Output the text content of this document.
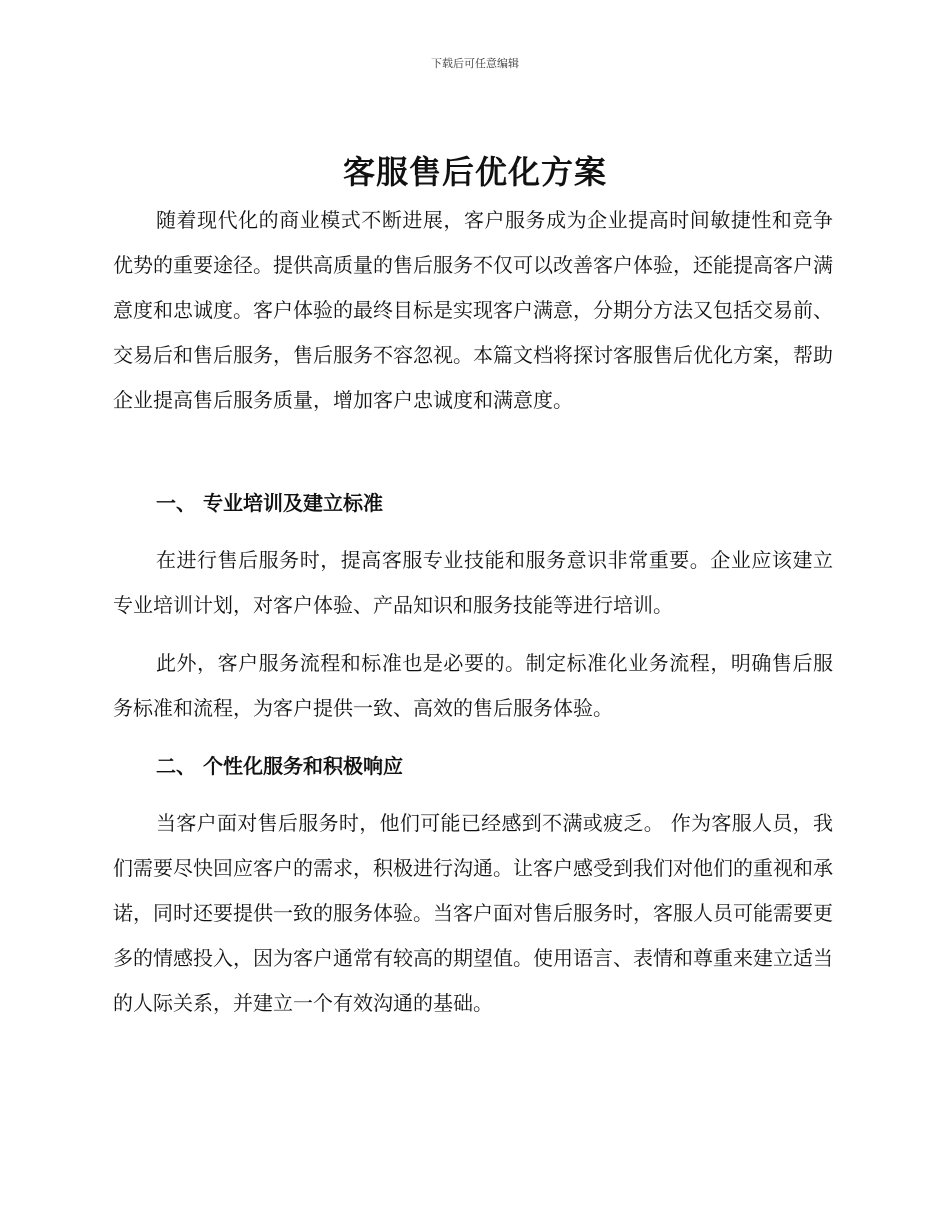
下载后可任意编辑
客服售后优化方案

随着现代化的商业模式不断进展，客户服务成为企业提高时间敏捷性和竞争优势的重要途径。提供高质量的售后服务不仅可以改善客户体验，还能提高客户满意度和忠诚度。客户体验的最终目标是实现客户满意，分期分方法又包括交易前、交易后和售后服务，售后服务不容忽视。本篇文档将探讨客服售后优化方案，帮助企业提高售后服务质量，增加客户忠诚度和满意度。

一、 专业培训及建立标准

在进行售后服务时，提高客服专业技能和服务意识非常重要。企业应该建立专业培训计划，对客户体验、产品知识和服务技能等进行培训。

此外，客户服务流程和标准也是必要的。制定标准化业务流程，明确售后服务标准和流程，为客户提供一致、高效的售后服务体验。

二、 个性化服务和积极响应

当客户面对售后服务时，他们可能已经感到不满或疲乏。 作为客服人员，我们需要尽快回应客户的需求，积极进行沟通。让客户感受到我们对他们的重视和承诺，同时还要提供一致的服务体验。当客户面对售后服务时，客服人员可能需要更多的情感投入，因为客户通常有较高的期望值。使用语言、表情和尊重来建立适当的人际关系，并建立一个有效沟通的基础。
